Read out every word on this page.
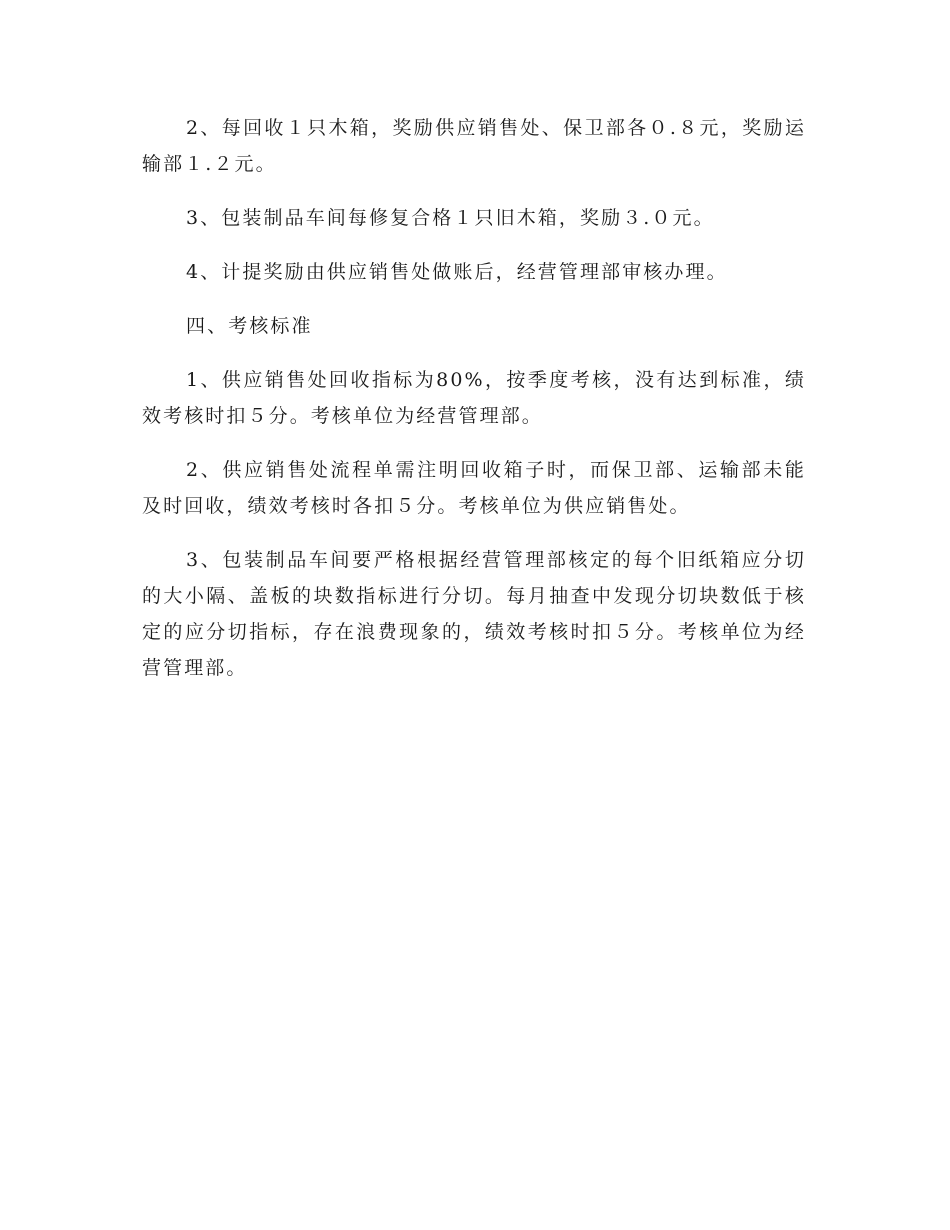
2、每回收１只木箱，奖励供应销售处、保卫部各０.８元，奖励运输部１.２元。

3、包装制品车间每修复合格１只旧木箱，奖励３.０元。

4、计提奖励由供应销售处做账后，经营管理部审核办理。

四、考核标准

1、供应销售处回收指标为80%，按季度考核，没有达到标准，绩效考核时扣５分。考核单位为经营管理部。

2、供应销售处流程单需注明回收箱子时，而保卫部、运输部未能及时回收，绩效考核时各扣５分。考核单位为供应销售处。

3、包装制品车间要严格根据经营管理部核定的每个旧纸箱应分切的大小隔、盖板的块数指标进行分切。每月抽查中发现分切块数低于核定的应分切指标，存在浪费现象的，绩效考核时扣５分。考核单位为经营管理部。
